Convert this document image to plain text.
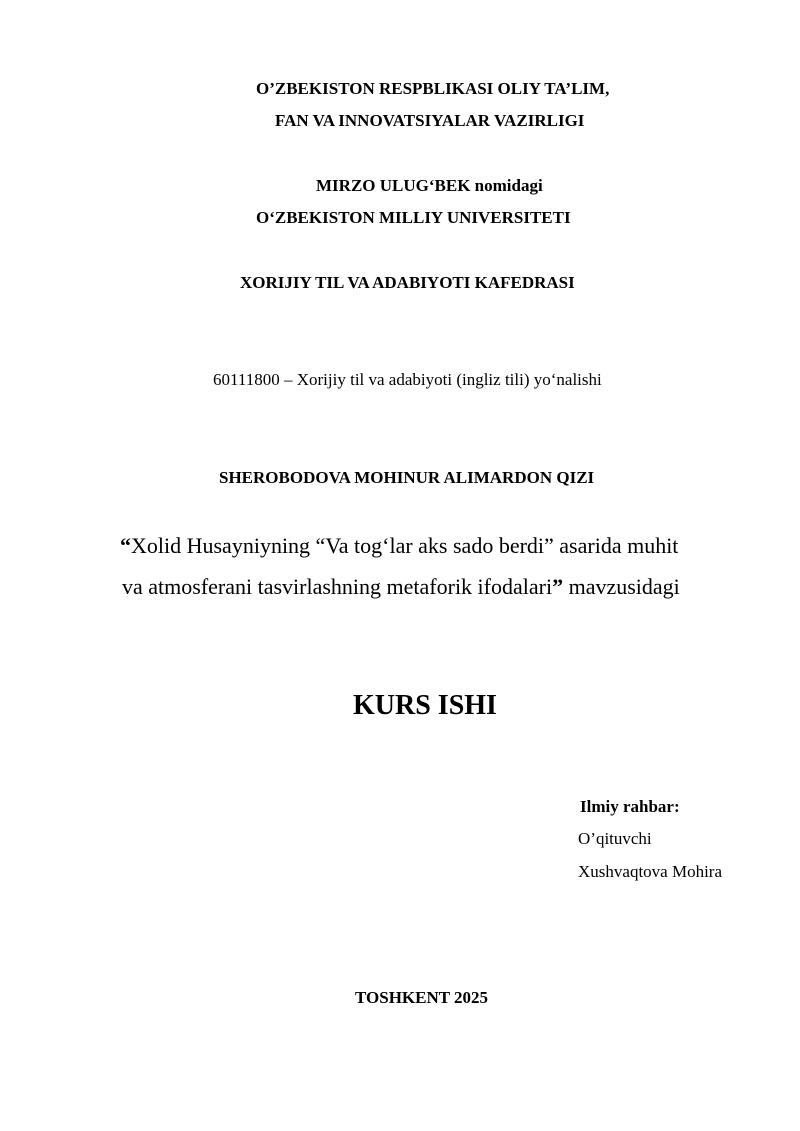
O’ZBEKISTON RESPBLIKASI OLIY TA’LIM,
FAN VA INNOVATSIYALAR VAZIRLIGI
MIRZO ULUG‘BEK nomidagi
O‘ZBEKISTON MILLIY UNIVERSITETI
XORIJIY TIL VA ADABIYOTI KAFEDRASI
60111800 – Xorijiy til va adabiyoti (ingliz tili) yo‘nalishi
SHEROBODOVA MOHINUR ALIMARDON QIZI
“Xolid Husayniyning “Va tog‘lar aks sado berdi” asarida muhit
va atmosferani tasvirlashning metaforik ifodalari” mavzusidagi
KURS ISHI
Ilmiy rahbar:
O’qituvchi
Xushvaqtova Mohira
TOSHKENT 2025
